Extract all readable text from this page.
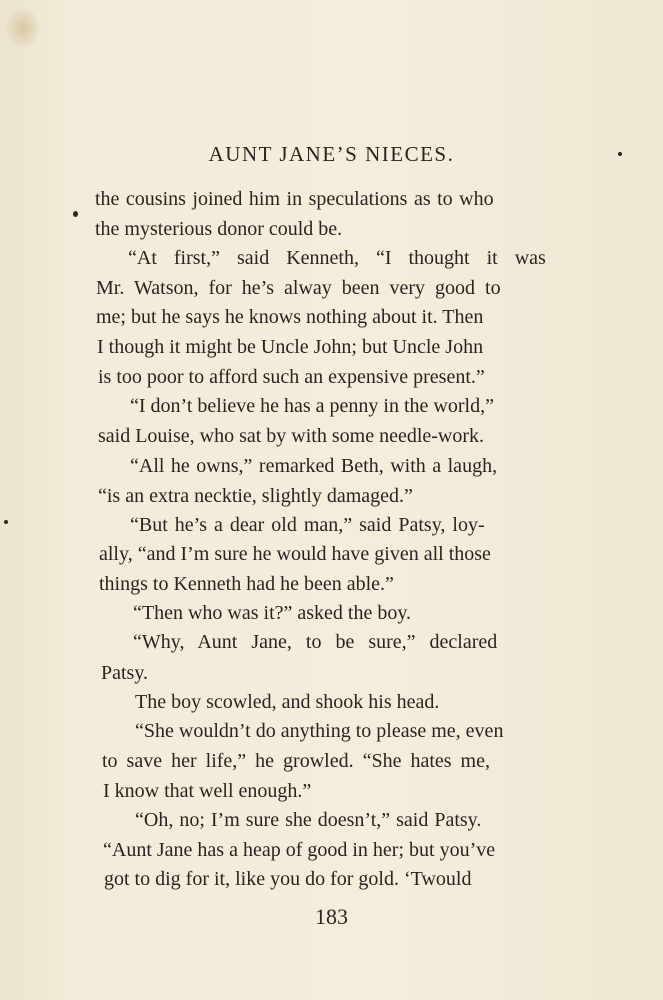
AUNT JANE’S NIECES.
the cousins joined him in speculations as to who
the mysterious donor could be.
“At first,” said Kenneth, “I thought it was
Mr. Watson, for he’s alway been very good to
me; but he says he knows nothing about it. Then
I though it might be Uncle John; but Uncle John
is too poor to afford such an expensive present.”
“I don’t believe he has a penny in the world,”
said Louise, who sat by with some needle-work.
“All he owns,” remarked Beth, with a laugh,
“is an extra necktie, slightly damaged.”
“But he’s a dear old man,” said Patsy, loy-
ally, “and I’m sure he would have given all those
things to Kenneth had he been able.”
“Then who was it?” asked the boy.
“Why, Aunt Jane, to be sure,” declared
Patsy.
The boy scowled, and shook his head.
“She wouldn’t do anything to please me, even
to save her life,” he growled. “She hates me,
I know that well enough.”
“Oh, no; I’m sure she doesn’t,” said Patsy.
“Aunt Jane has a heap of good in her; but you’ve
got to dig for it, like you do for gold. ‘Twould
183
